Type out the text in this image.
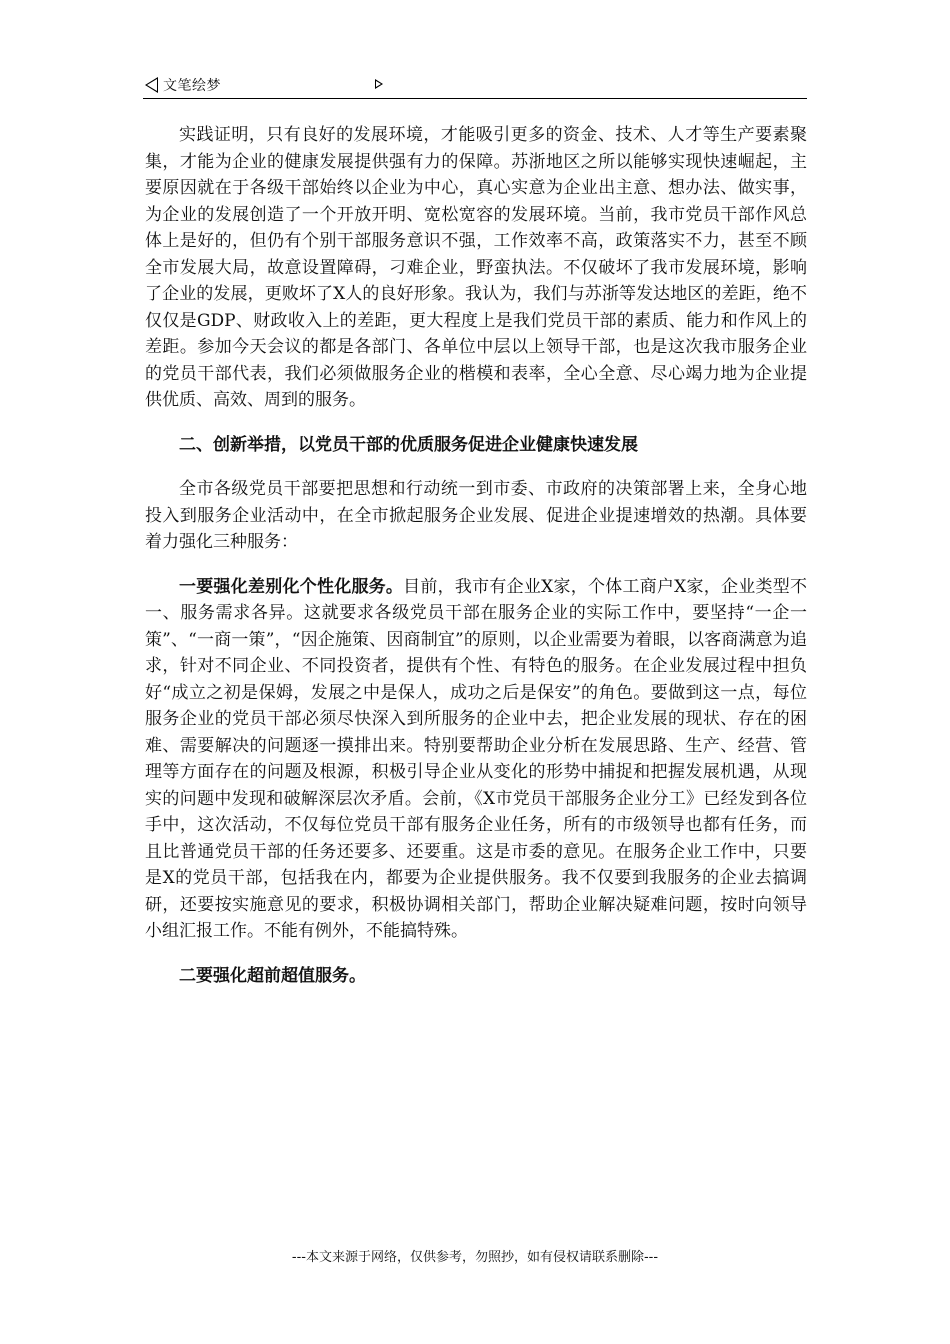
文笔绘梦

实践证明，只有良好的发展环境，才能吸引更多的资金、技术、人才等生产要素聚集，才能为企业的健康发展提供强有力的保障。苏浙地区之所以能够实现快速崛起，主要原因就在于各级干部始终以企业为中心，真心实意为企业出主意、想办法、做实事，为企业的发展创造了一个开放开明、宽松宽容的发展环境。当前，我市党员干部作风总体上是好的，但仍有个别干部服务意识不强，工作效率不高，政策落实不力，甚至不顾全市发展大局，故意设置障碍，刁难企业，野蛮执法。不仅破坏了我市发展环境，影响了企业的发展，更败坏了X人的良好形象。我认为，我们与苏浙等发达地区的差距，绝不仅仅是GDP、财政收入上的差距，更大程度上是我们党员干部的素质、能力和作风上的差距。参加今天会议的都是各部门、各单位中层以上领导干部，也是这次我市服务企业的党员干部代表，我们必须做服务企业的楷模和表率，全心全意、尽心竭力地为企业提供优质、高效、周到的服务。

二、创新举措，以党员干部的优质服务促进企业健康快速发展

全市各级党员干部要把思想和行动统一到市委、市政府的决策部署上来，全身心地投入到服务企业活动中，在全市掀起服务企业发展、促进企业提速增效的热潮。具体要着力强化三种服务：

一要强化差别化个性化服务。目前，我市有企业X家，个体工商户X家，企业类型不一、服务需求各异。这就要求各级党员干部在服务企业的实际工作中，要坚持“一企一策”、“一商一策”，“因企施策、因商制宜”的原则，以企业需要为着眼，以客商满意为追求，针对不同企业、不同投资者，提供有个性、有特色的服务。在企业发展过程中担负好“成立之初是保姆，发展之中是保人，成功之后是保安”的角色。要做到这一点，每位服务企业的党员干部必须尽快深入到所服务的企业中去，把企业发展的现状、存在的困难、需要解决的问题逐一摸排出来。特别要帮助企业分析在发展思路、生产、经营、管理等方面存在的问题及根源，积极引导企业从变化的形势中捕捉和把握发展机遇，从现实的问题中发现和破解深层次矛盾。会前，《X市党员干部服务企业分工》已经发到各位手中，这次活动，不仅每位党员干部有服务企业任务，所有的市级领导也都有任务，而且比普通党员干部的任务还要多、还要重。这是市委的意见。在服务企业工作中，只要是X的党员干部，包括我在内，都要为企业提供服务。我不仅要到我服务的企业去搞调研，还要按实施意见的要求，积极协调相关部门，帮助企业解决疑难问题，按时向领导小组汇报工作。不能有例外，不能搞特殊。

二要强化超前超值服务。

---本文来源于网络，仅供参考，勿照抄，如有侵权请联系删除---
